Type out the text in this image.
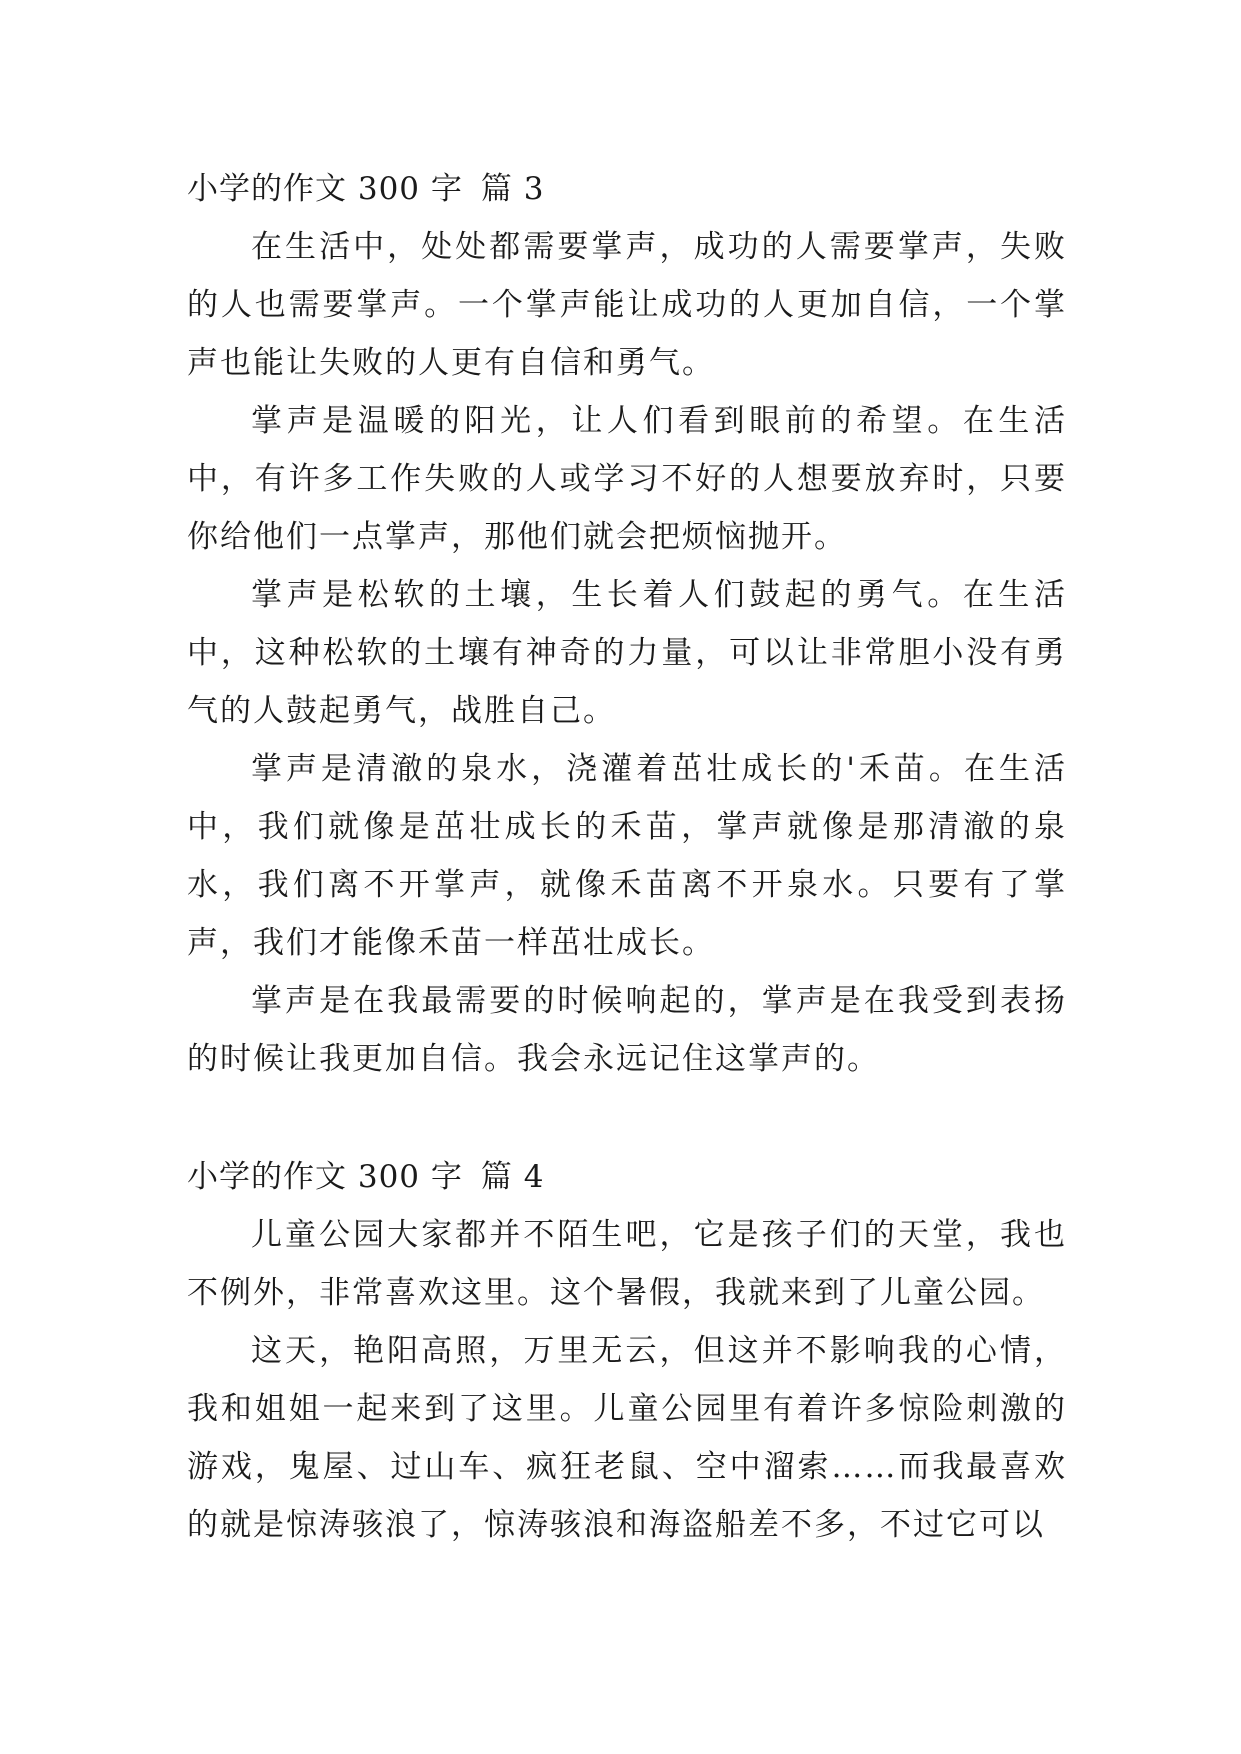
小学的作文 300 字 篇 3

在生活中，处处都需要掌声，成功的人需要掌声，失败的人也需要掌声。一个掌声能让成功的人更加自信，一个掌声也能让失败的人更有自信和勇气。

掌声是温暖的阳光，让人们看到眼前的希望。在生活中，有许多工作失败的人或学习不好的人想要放弃时，只要你给他们一点掌声，那他们就会把烦恼抛开。

掌声是松软的土壤，生长着人们鼓起的勇气。在生活中，这种松软的土壤有神奇的力量，可以让非常胆小没有勇气的人鼓起勇气，战胜自己。

掌声是清澈的泉水，浇灌着茁壮成长的'禾苗。在生活中，我们就像是茁壮成长的禾苗，掌声就像是那清澈的泉水，我们离不开掌声，就像禾苗离不开泉水。只要有了掌声，我们才能像禾苗一样茁壮成长。

掌声是在我最需要的时候响起的，掌声是在我受到表扬的时候让我更加自信。我会永远记住这掌声的。

小学的作文 300 字 篇 4

儿童公园大家都并不陌生吧，它是孩子们的天堂，我也不例外，非常喜欢这里。这个暑假，我就来到了儿童公园。

这天，艳阳高照，万里无云，但这并不影响我的心情，我和姐姐一起来到了这里。儿童公园里有着许多惊险刺激的游戏，鬼屋、过山车、疯狂老鼠、空中溜索……而我最喜欢的就是惊涛骇浪了，惊涛骇浪和海盗船差不多，不过它可以
